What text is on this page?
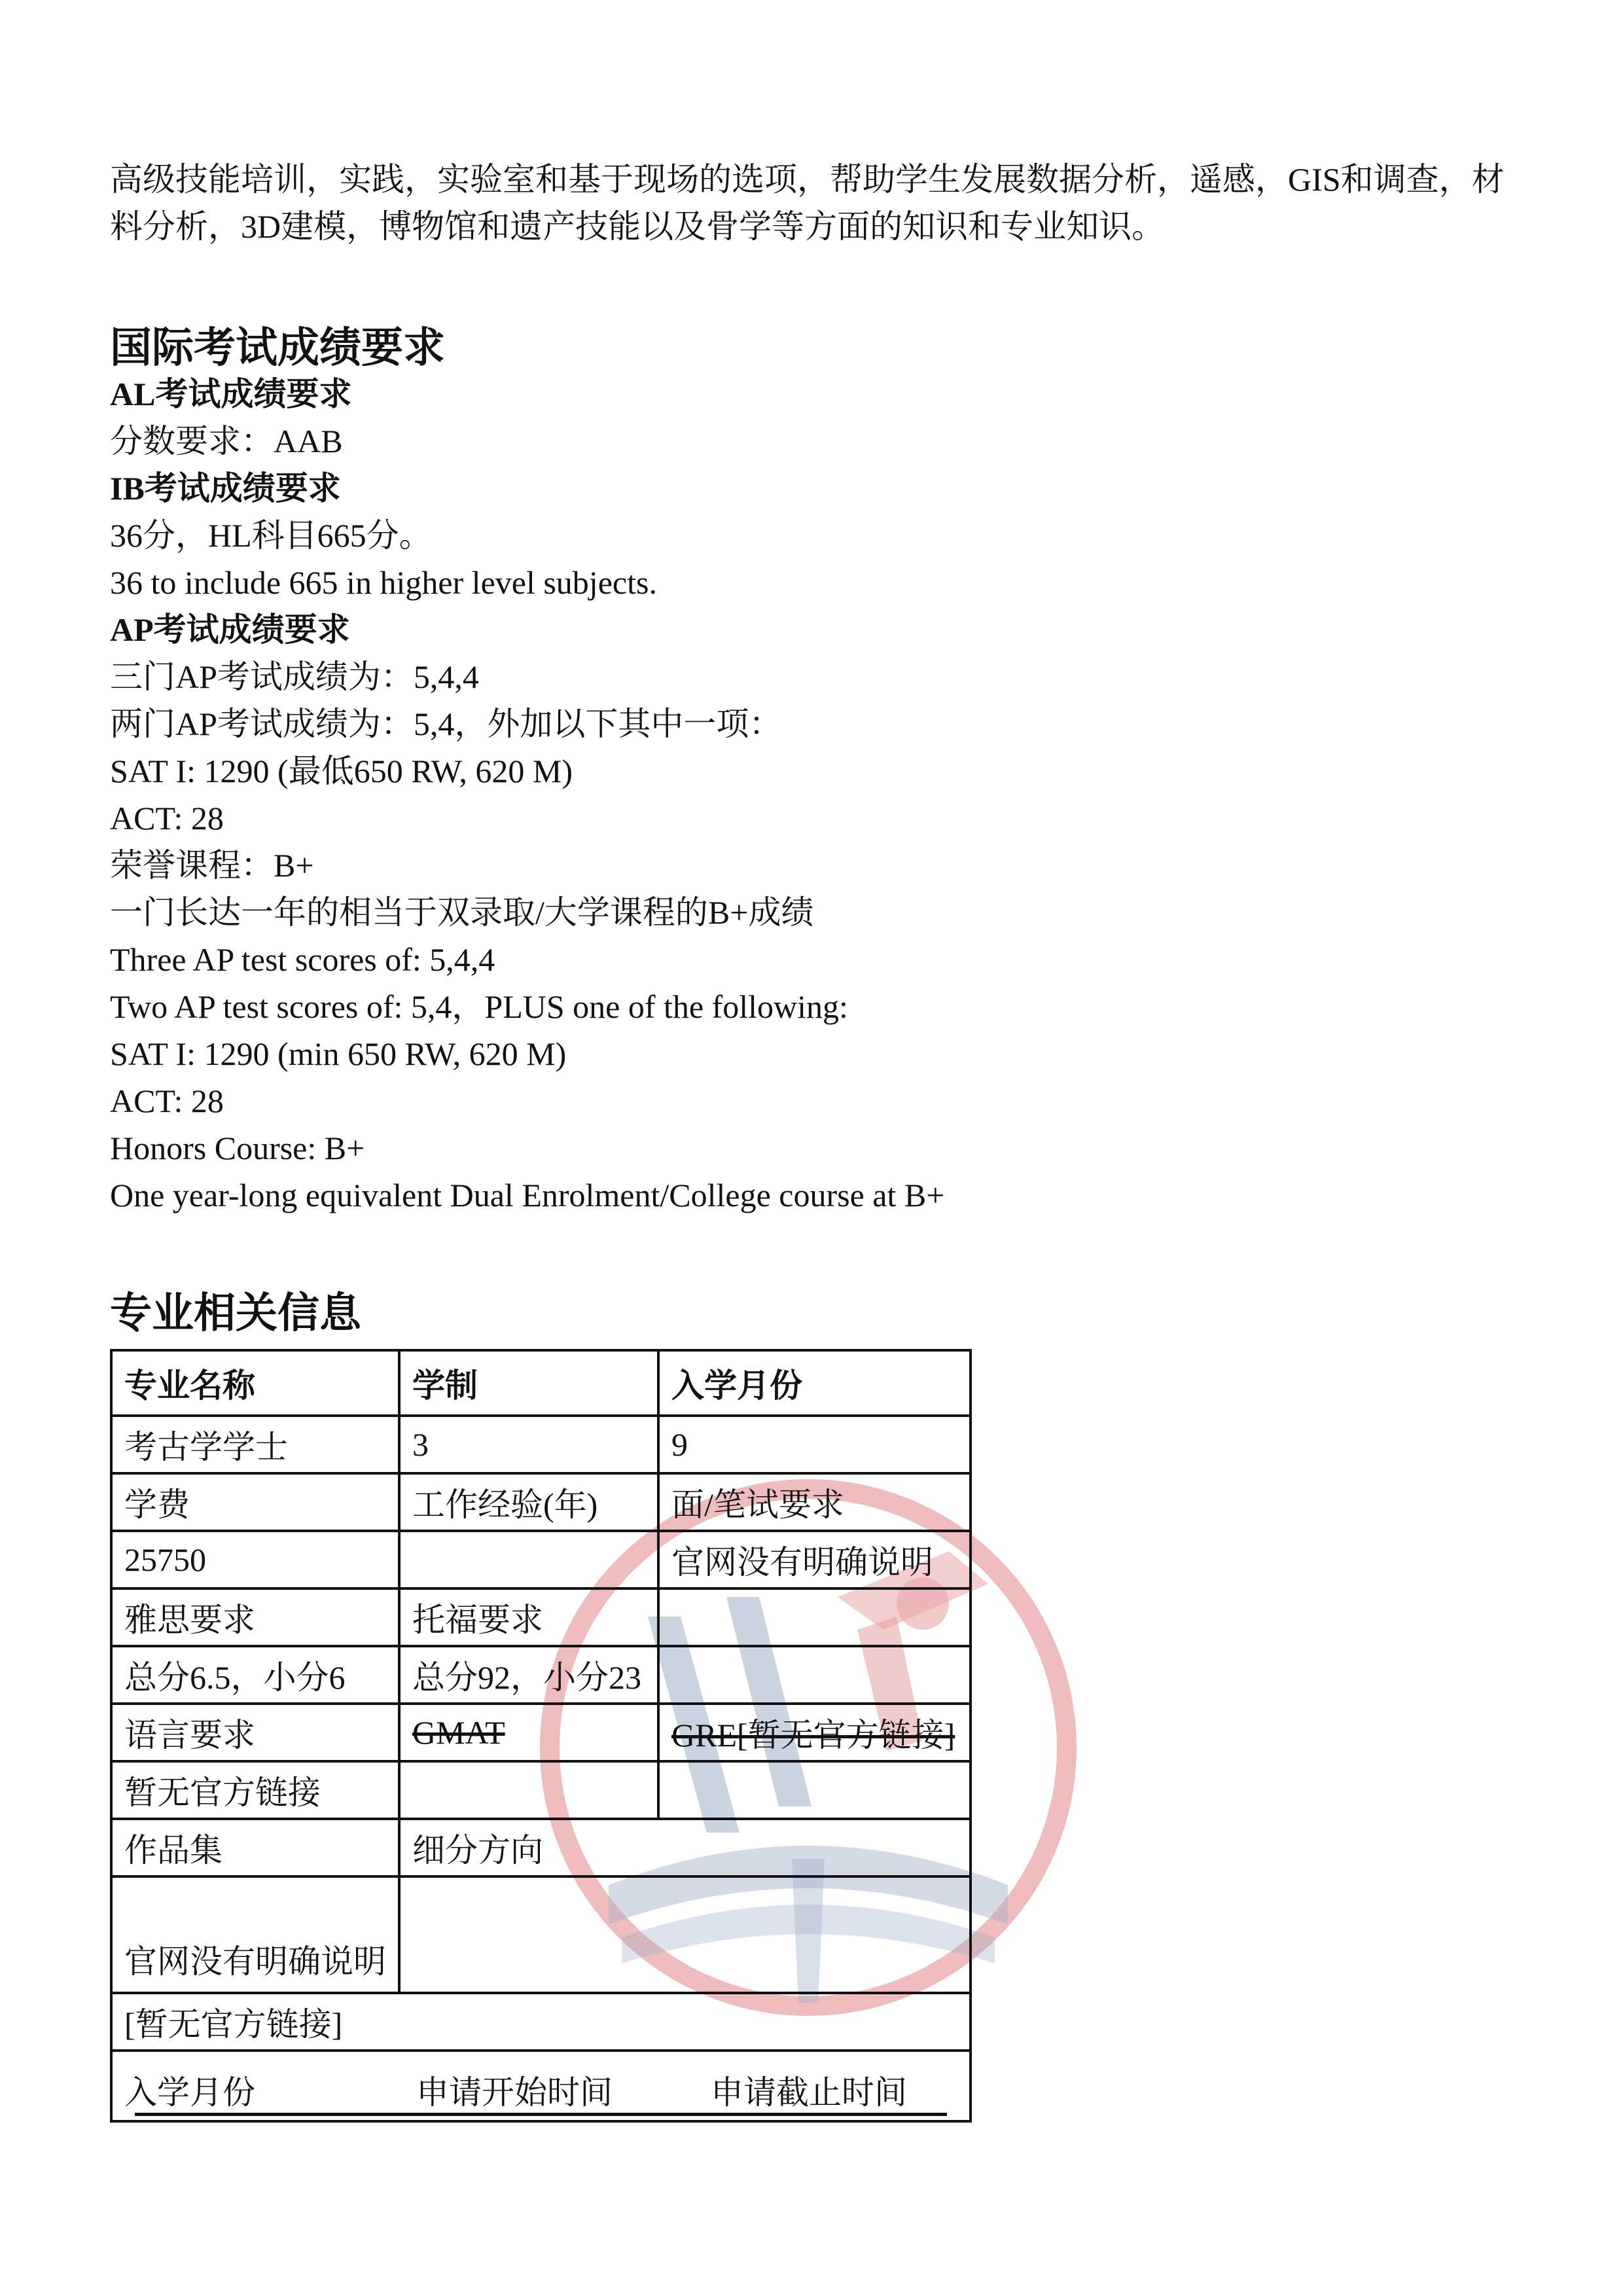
高级技能培训，实践，实验室和基于现场的选项，帮助学生发展数据分析，遥感，GIS和调查，材料分析，3D建模，博物馆和遗产技能以及骨学等方面的知识和专业知识。

国际考试成绩要求
AL考试成绩要求
分数要求：AAB
IB考试成绩要求
36分，HL科目665分。
36 to include 665 in higher level subjects.
AP考试成绩要求
三门AP考试成绩为：5,4,4
两门AP考试成绩为：5,4，外加以下其中一项：
SAT I: 1290 (最低650 RW, 620 M)
ACT: 28
荣誉课程：B+
一门长达一年的相当于双录取/大学课程的B+成绩
Three AP test scores of: 5,4,4
Two AP test scores of: 5,4，PLUS one of the following:
SAT I: 1290 (min 650 RW, 620 M)
ACT: 28
Honors Course: B+
One year-long equivalent Dual Enrolment/College course at B+
专业相关信息
专业名称	学制	入学月份
考古学学士	3	9
学费	工作经验(年)	面/笔试要求
25750		官网没有明确说明
雅思要求	托福要求	
总分6.5，小分6	总分92，小分23	
语言要求	GMAT	GRE[暂无官方链接]
暂无官方链接		
作品集	细分方向	
官网没有明确说明		
[暂无官方链接]		

入学月份 申请开始时间 申请截止时间		
